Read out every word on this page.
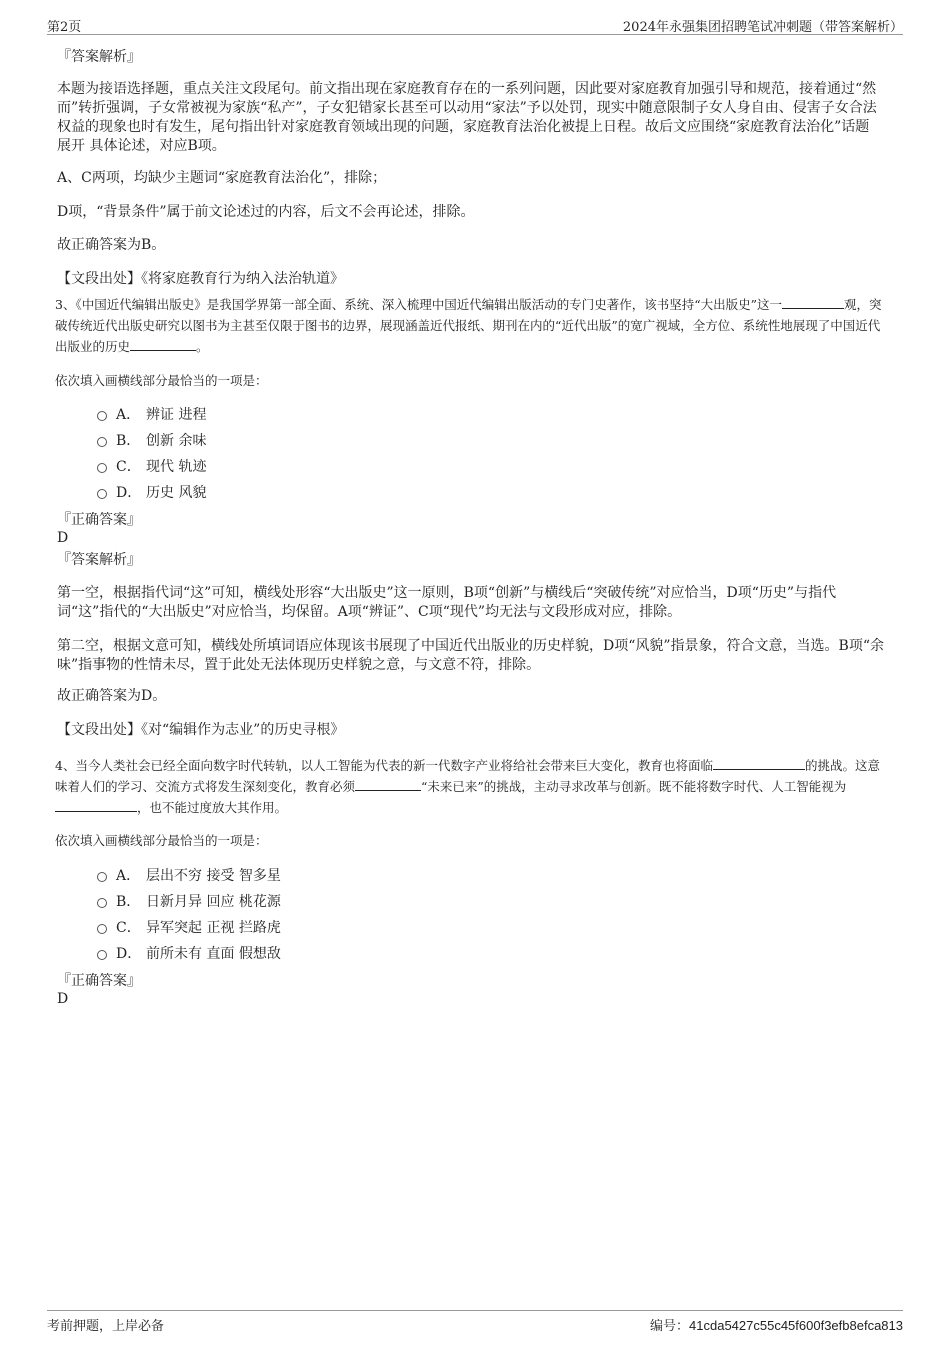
第2页	2024年永强集团招聘笔试冲刺题（带答案解析）
『答案解析』
本题为接语选择题，重点关注文段尾句。前文指出现在家庭教育存在的一系列问题，因此要对家庭教育加强引导和规范，接着通过“然而”转折强调，子女常被视为家族“私产”，子女犯错家长甚至可以动用“家法”予以处罚，现实中随意限制子女人身自由、侵害子女合法权益的现象也时有发生，尾句指出针对家庭教育领域出现的问题，家庭教育法治化被提上日程。故后文应围绕“家庭教育法治化”话题 展开 具体论述，对应B项。
A、C两项，均缺少主题词“家庭教育法治化”，排除；
D项，“背景条件”属于前文论述过的内容，后文不会再论述，排除。
故正确答案为B。
【文段出处】《将家庭教育行为纳入法治轨道》
3、《中国近代编辑出版史》是我国学界第一部全面、系统、深入梳理中国近代编辑出版活动的专门史著作，该书坚持“大出版史”这一	观，突破传统近代出版史研究以图书为主甚至仅限于图书的边界，展现涵盖近代报纸、期刊在内的“近代出版”的宽广视域，全方位、系统性地展现了中国近代出版业的历史	。
依次填入画横线部分最恰当的一项是：
A． 辨证 进程
B． 创新 余味
C． 现代 轨迹
D． 历史 风貌
『正确答案』
D
『答案解析』
第一空，根据指代词“这”可知，横线处形容“大出版史”这一原则，B项“创新”与横线后“突破传统”对应恰当，D项“历史”与指代词“这”指代的“大出版史”对应恰当，均保留。A项“辨证”、C项“现代”均无法与文段形成对应，排除。
第二空，根据文意可知，横线处所填词语应体现该书展现了中国近代出版业的历史样貌，D项“风貌”指景象，符合文意，当选。B项“余味”指事物的性情未尽，置于此处无法体现历史样貌之意，与文意不符，排除。
故正确答案为D。
【文段出处】《对“编辑作为志业”的历史寻根》
4、当今人类社会已经全面向数字时代转轨，以人工智能为代表的新一代数字产业将给社会带来巨大变化，教育也将面临	的挑战。这意味着人们的学习、交流方式将发生深刻变化，教育必须	“未来已来”的挑战，主动寻求改革与创新。既不能将数字时代、人工智能视为，也不能过度放大其作用。
依次填入画横线部分最恰当的一项是：
A． 层出不穷 接受 智多星
B． 日新月异 回应 桃花源
C． 异军突起 正视 拦路虎
D． 前所未有 直面 假想敌
『正确答案』
D
考前押题，上岸必备	编号：41cda5427c55c45f600f3efb8efca813
